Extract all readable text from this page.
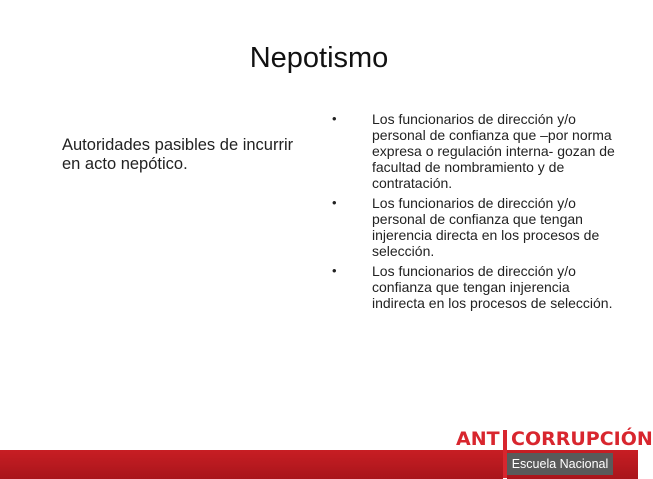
Nepotismo
Autoridades pasibles de incurrir en acto nepótico.
•	Los funcionarios de dirección y/o personal de confianza que –por norma expresa o regulación interna- gozan de facultad de nombramiento y de contratación.
•	Los funcionarios de dirección y/o personal de confianza que tengan injerencia directa en los procesos de selección.
•	Los funcionarios de dirección y/o confianza que tengan injerencia indirecta en los procesos de selección.
Escuela Nacional
ANT CORRUPCIÓN
